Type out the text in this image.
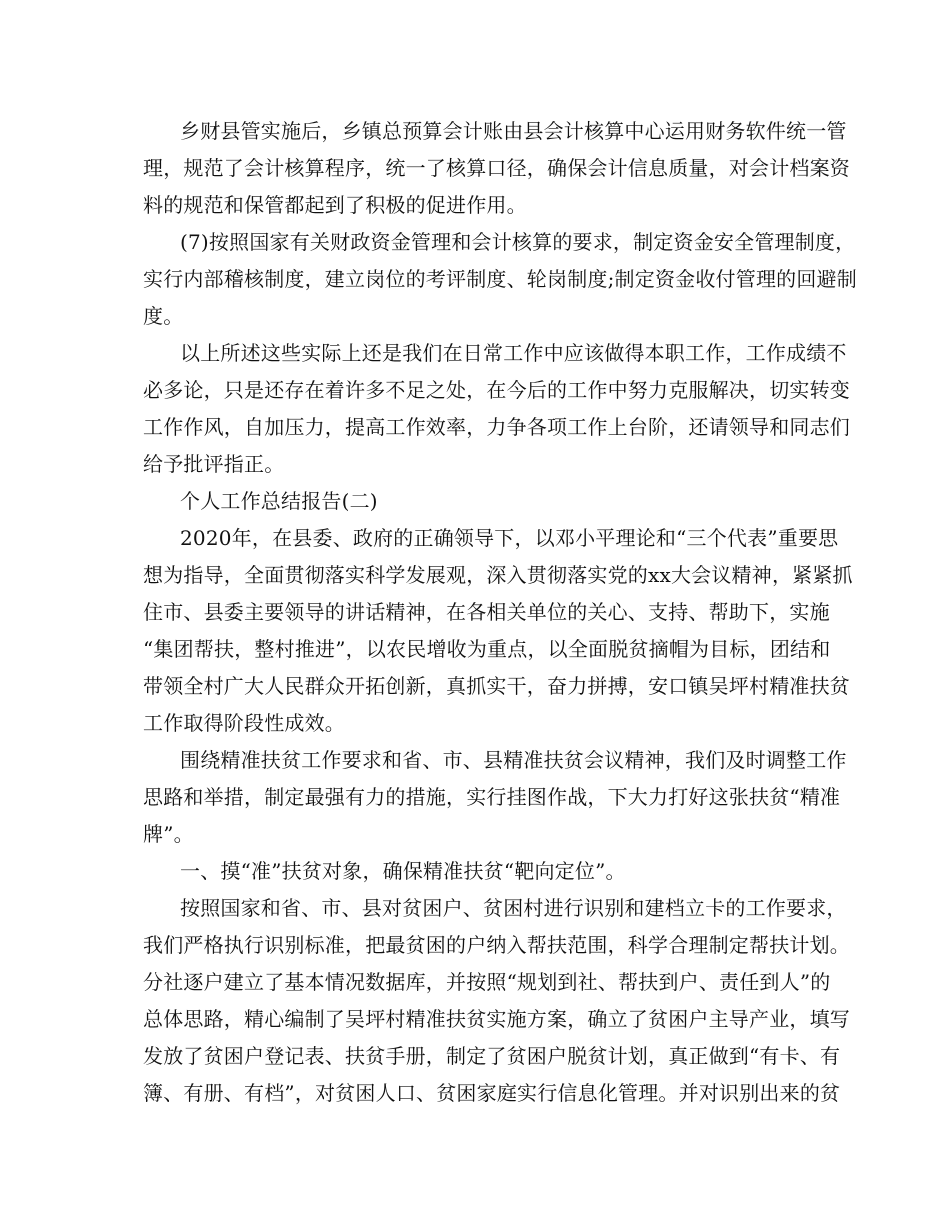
乡财县管实施后，乡镇总预算会计账由县会计核算中心运用财务软件统一管
理，规范了会计核算程序，统一了核算口径，确保会计信息质量，对会计档案资
料的规范和保管都起到了积极的促进作用。
(7)按照国家有关财政资金管理和会计核算的要求，制定资金安全管理制度，
实行内部稽核制度，建立岗位的考评制度、轮岗制度;制定资金收付管理的回避制
度。
以上所述这些实际上还是我们在日常工作中应该做得本职工作，工作成绩不
必多论，只是还存在着许多不足之处，在今后的工作中努力克服解决，切实转变
工作作风，自加压力，提高工作效率，力争各项工作上台阶，还请领导和同志们
给予批评指正。
个人工作总结报告(二)
2020年，在县委、政府的正确领导下，以邓小平理论和“三个代表”重要思
想为指导，全面贯彻落实科学发展观，深入贯彻落实党的xx大会议精神，紧紧抓
住市、县委主要领导的讲话精神，在各相关单位的关心、支持、帮助下，实施
“集团帮扶，整村推进”，以农民增收为重点，以全面脱贫摘帽为目标，团结和
带领全村广大人民群众开拓创新，真抓实干，奋力拼搏，安口镇吴坪村精准扶贫
工作取得阶段性成效。
围绕精准扶贫工作要求和省、市、县精准扶贫会议精神，我们及时调整工作
思路和举措，制定最强有力的措施，实行挂图作战，下大力打好这张扶贫“精准
牌”。
一、摸“准”扶贫对象，确保精准扶贫“靶向定位”。
按照国家和省、市、县对贫困户、贫困村进行识别和建档立卡的工作要求，
我们严格执行识别标准，把最贫困的户纳入帮扶范围，科学合理制定帮扶计划。
分社逐户建立了基本情况数据库，并按照“规划到社、帮扶到户、责任到人”的
总体思路，精心编制了吴坪村精准扶贫实施方案，确立了贫困户主导产业，填写
发放了贫困户登记表、扶贫手册，制定了贫困户脱贫计划，真正做到“有卡、有
簿、有册、有档”，对贫困人口、贫困家庭实行信息化管理。并对识别出来的贫
